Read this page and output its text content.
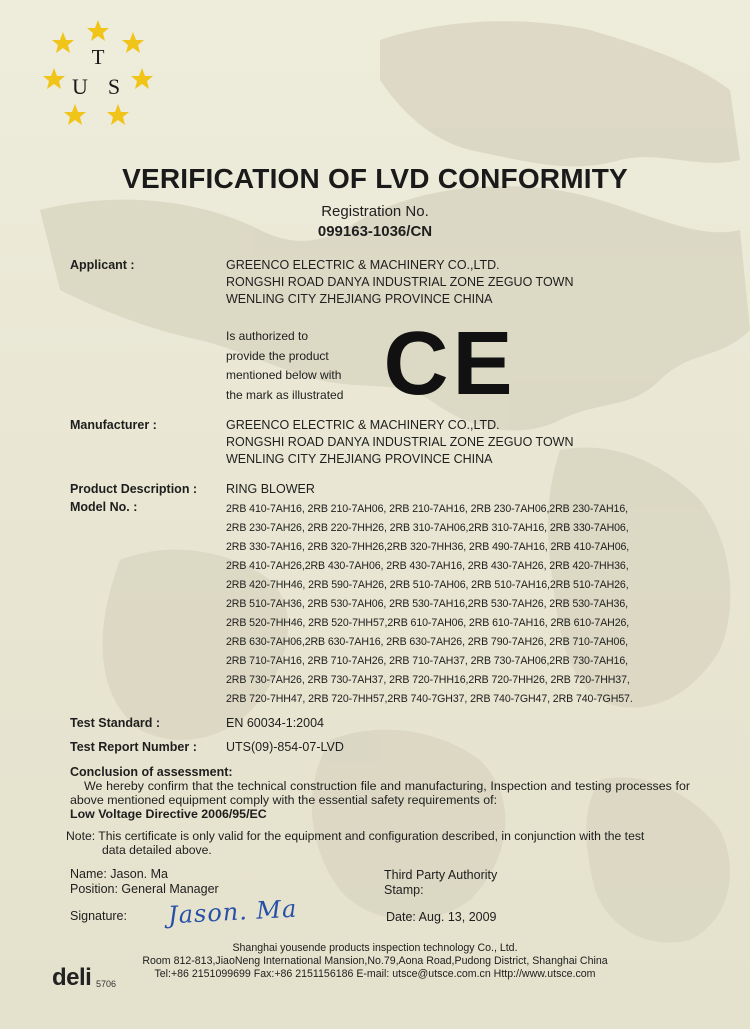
T
U S
VERIFICATION OF LVD CONFORMITY
Registration No.
099163-1036/CN
Applicant :	GREENCO ELECTRIC & MACHINERY CO.,LTD.
RONGSHI ROAD DANYA INDUSTRIAL ZONE ZEGUO TOWN
WENLING CITY ZHEJIANG PROVINCE CHINA
Is authorized to
provide the product
mentioned below with
the mark as illustrated CE
Manufacturer :	GREENCO ELECTRIC & MACHINERY CO.,LTD.
RONGSHI ROAD DANYA INDUSTRIAL ZONE ZEGUO TOWN
WENLING CITY ZHEJIANG PROVINCE CHINA
Product Description : RING BLOWER
Model No. :	2RB 410-7AH16, 2RB 210-7AH06, 2RB 210-7AH16, 2RB 230-7AH06,2RB 230-7AH16,
2RB 230-7AH26, 2RB 220-7HH26, 2RB 310-7AH06,2RB 310-7AH16, 2RB 330-7AH06,
2RB 330-7AH16, 2RB 320-7HH26,2RB 320-7HH36, 2RB 490-7AH16, 2RB 410-7AH06,
2RB 410-7AH26,2RB 430-7AH06, 2RB 430-7AH16, 2RB 430-7AH26, 2RB 420-7HH36,
2RB 420-7HH46, 2RB 590-7AH26, 2RB 510-7AH06, 2RB 510-7AH16,2RB 510-7AH26,
2RB 510-7AH36, 2RB 530-7AH06, 2RB 530-7AH16,2RB 530-7AH26, 2RB 530-7AH36,
2RB 520-7HH46, 2RB 520-7HH57,2RB 610-7AH06, 2RB 610-7AH16, 2RB 610-7AH26,
2RB 630-7AH06,2RB 630-7AH16, 2RB 630-7AH26, 2RB 790-7AH26, 2RB 710-7AH06,
2RB 710-7AH16, 2RB 710-7AH26, 2RB 710-7AH37, 2RB 730-7AH06,2RB 730-7AH16,
2RB 730-7AH26, 2RB 730-7AH37, 2RB 720-7HH16,2RB 720-7HH26, 2RB 720-7HH37,
2RB 720-7HH47, 2RB 720-7HH57,2RB 740-7GH37, 2RB 740-7GH47, 2RB 740-7GH57.
Test Standard :	EN 60034-1:2004
Test Report Number : UTS(09)-854-07-LVD
Conclusion of assessment:
We hereby confirm that the technical construction file and manufacturing, Inspection and testing processes for above mentioned equipment comply with the essential safety requirements of:
Low Voltage Directive 2006/95/EC
Note: This certificate is only valid for the equipment and configuration described, in conjunction with the test
data detailed above.
Name: Jason. Ma
Position: General Manager
Signature: Jason. Ma
Third Party Authority
Stamp:
Date: Aug. 13, 2009
Shanghai yousende products inspection technology Co., Ltd.
Room 812-813,JiaoNeng International Mansion,No.79,Aona Road,Pudong District, Shanghai China
Tel:+86 2151099699 Fax:+86 2151156186 E-mail: utsce@utsce.com.cn Http://www.utsce.com
deli 5706
